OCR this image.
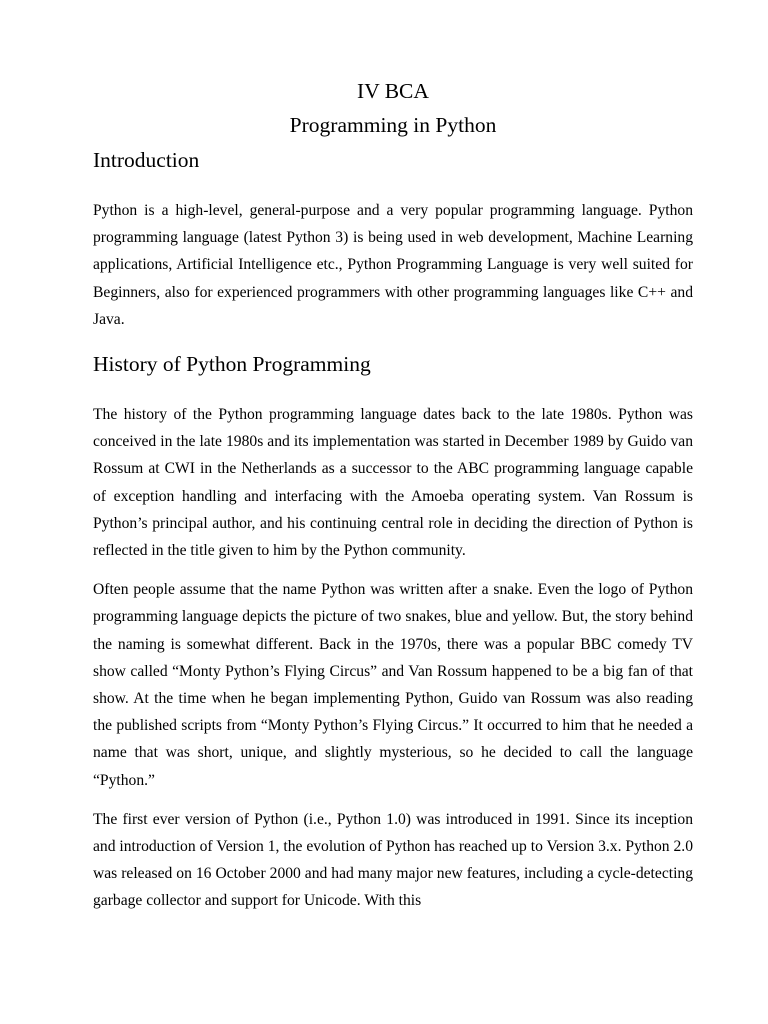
IV BCA
Programming in Python
Introduction

Python is a high-level, general-purpose and a very popular programming language. Python programming language (latest Python 3) is being used in web development, Machine Learning applications, Artificial Intelligence etc., Python Programming Language is very well suited for Beginners, also for experienced programmers with other programming languages like C++ and Java.

History of Python Programming

The history of the Python programming language dates back to the late 1980s. Python was conceived in the late 1980s and its implementation was started in December 1989 by Guido van Rossum at CWI in the Netherlands as a successor to the ABC programming language capable of exception handling and interfacing with the Amoeba operating system. Van Rossum is Python’s principal author, and his continuing central role in deciding the direction of Python is reflected in the title given to him by the Python community.

Often people assume that the name Python was written after a snake. Even the logo of Python programming language depicts the picture of two snakes, blue and yellow. But, the story behind the naming is somewhat different. Back in the 1970s, there was a popular BBC comedy TV show called “Monty Python’s Flying Circus” and Van Rossum happened to be a big fan of that show. At the time when he began implementing Python, Guido van Rossum was also reading the published scripts from “Monty Python’s Flying Circus.” It occurred to him that he needed a name that was short, unique, and slightly mysterious, so he decided to call the language “Python.”

The first ever version of Python (i.e., Python 1.0) was introduced in 1991. Since its inception and introduction of Version 1, the evolution of Python has reached up to Version 3.x. Python 2.0 was released on 16 October 2000 and had many major new features, including a cycle-detecting garbage collector and support for Unicode. With this
